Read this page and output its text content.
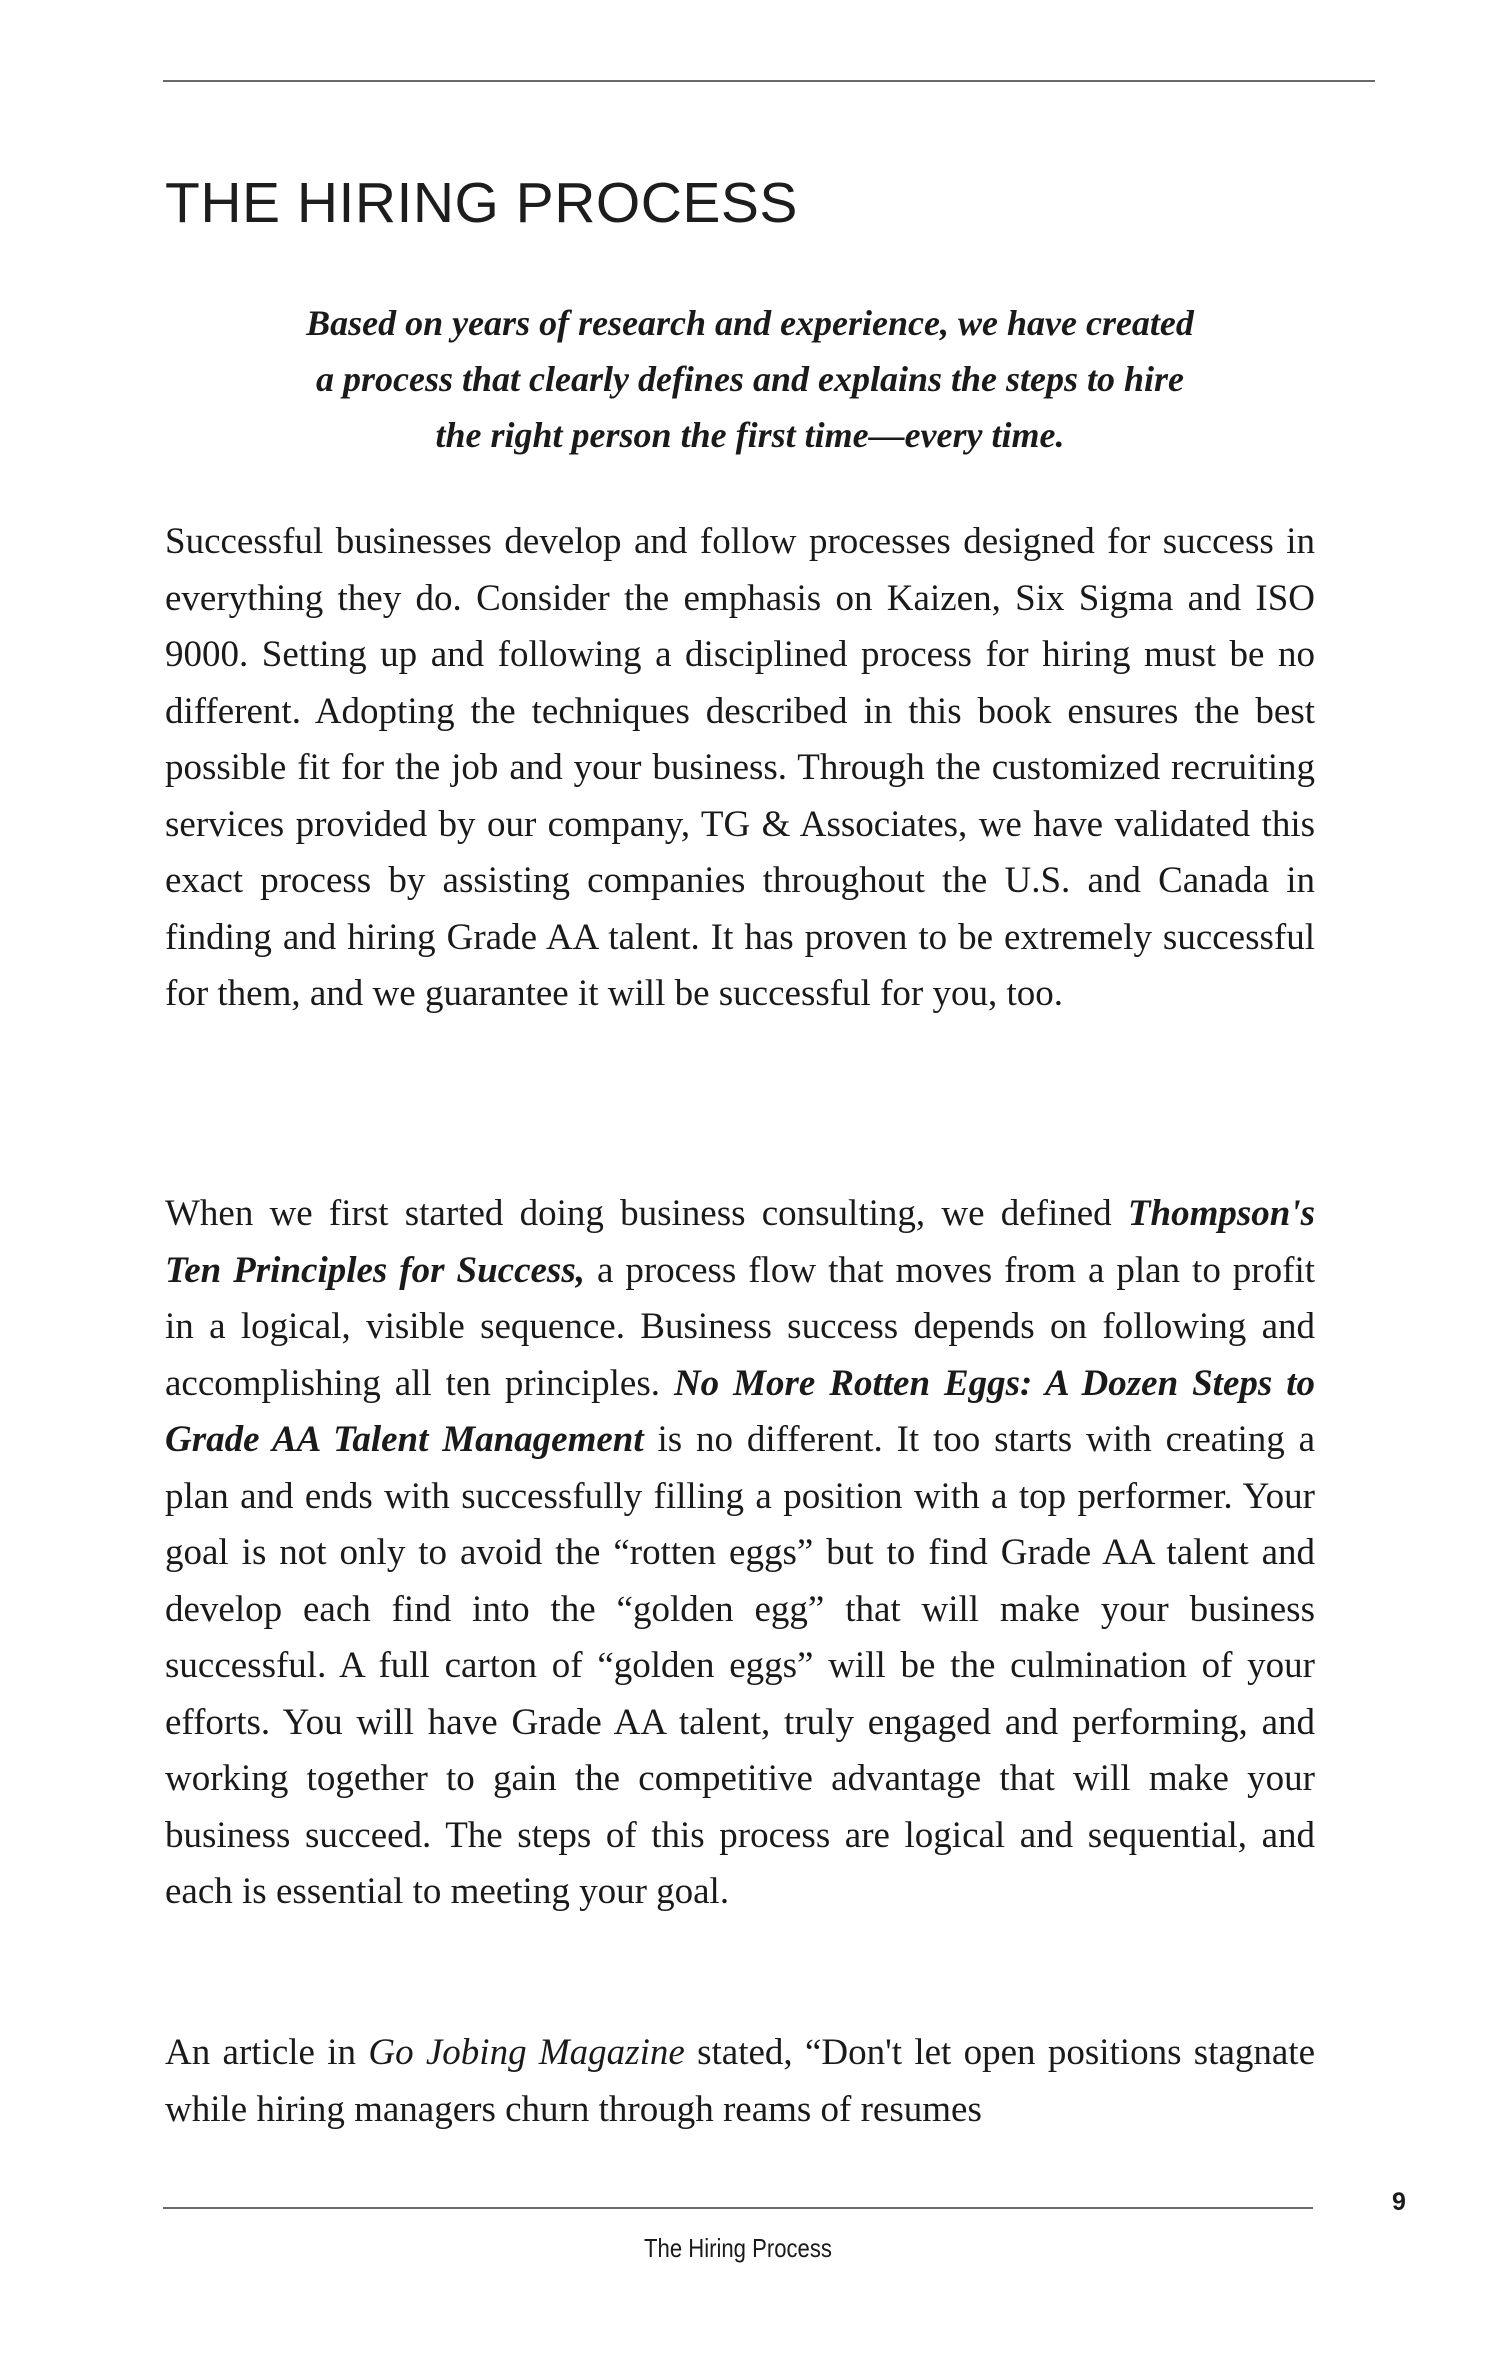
THE HIRING PROCESS

Based on years of research and experience, we have created
a process that clearly defines and explains the steps to hire
the right person the first time—every time.

Successful businesses develop and follow processes designed for success in everything they do. Consider the emphasis on Kaizen, Six Sigma and ISO 9000. Setting up and following a disciplined process for hiring must be no different. Adopting the techniques described in this book ensures the best possible fit for the job and your business. Through the customized recruiting services provided by our company, TG & Associates, we have validated this exact process by assisting companies throughout the U.S. and Canada in finding and hiring Grade AA talent. It has proven to be extremely successful for them, and we guarantee it will be successful for you, too.

When we first started doing business consulting, we defined Thompson's Ten Principles for Success, a process flow that moves from a plan to profit in a logical, visible sequence. Business success depends on following and accomplishing all ten principles. No More Rotten Eggs: A Dozen Steps to Grade AA Talent Management is no different. It too starts with creating a plan and ends with successfully filling a position with a top performer. Your goal is not only to avoid the “rotten eggs” but to find Grade AA talent and develop each find into the “golden egg” that will make your business successful. A full carton of “golden eggs” will be the culmination of your efforts. You will have Grade AA talent, truly engaged and performing, and working together to gain the competitive advantage that will make your business succeed. The steps of this process are logical and sequential, and each is essential to meeting your goal.

An article in Go Jobing Magazine stated, “Don't let open positions stagnate while hiring managers churn through reams of resumes

9
The Hiring Process
